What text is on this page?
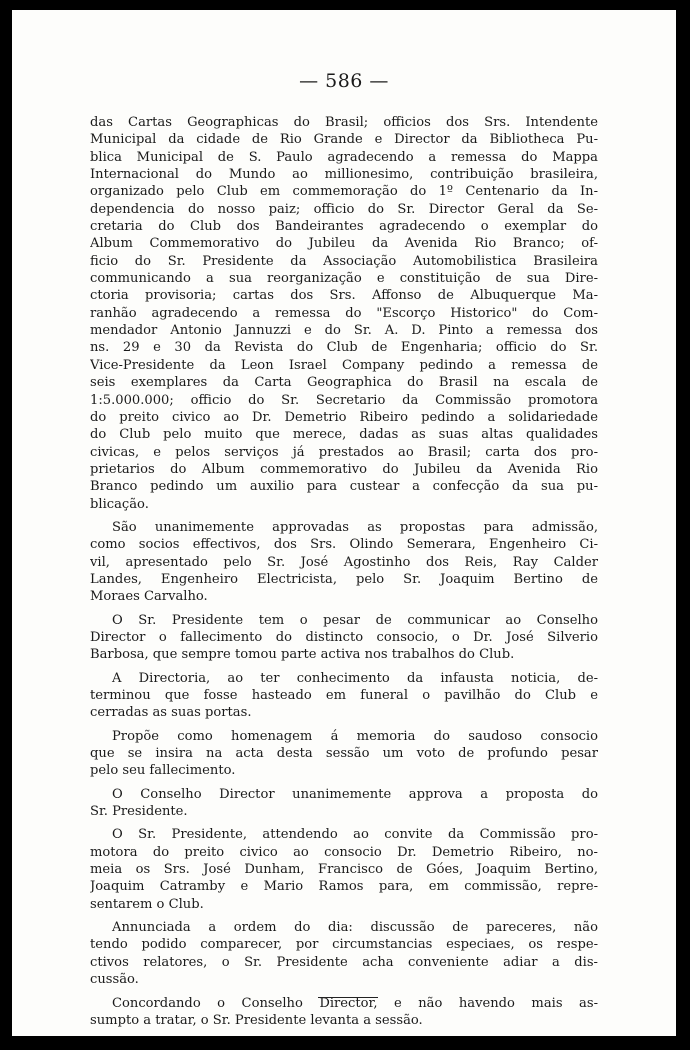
— 586 —
das Cartas Geographicas do Brasil; officios dos Srs. Intendente
Municipal da cidade de Rio Grande e Director da Bibliotheca Pu-
blica Municipal de S. Paulo agradecendo a remessa do Mappa
Internacional do Mundo ao millionesimo, contribuição brasileira,
organizado pelo Club em commemoração do 1º Centenario da In-
dependencia do nosso paiz; officio do Sr. Director Geral da Se-
cretaria do Club dos Bandeirantes agradecendo o exemplar do
Album Commemorativo do Jubileu da Avenida Rio Branco; of-
ficio do Sr. Presidente da Associação Automobilistica Brasileira
communicando a sua reorganização e constituição de sua Dire-
ctoria provisoria; cartas dos Srs. Affonso de Albuquerque Ma-
ranhão agradecendo a remessa do "Escorço Historico" do Com-
mendador Antonio Jannuzzi e do Sr. A. D. Pinto a remessa dos
ns. 29 e 30 da Revista do Club de Engenharia; officio do Sr.
Vice-Presidente da Leon Israel Company pedindo a remessa de
seis exemplares da Carta Geographica do Brasil na escala de
1:5.000.000; officio do Sr. Secretario da Commissão promotora
do preito civico ao Dr. Demetrio Ribeiro pedindo a solidariedade
do Club pelo muito que merece, dadas as suas altas qualidades
civicas, e pelos serviços já prestados ao Brasil; carta dos pro-
prietarios do Album commemorativo do Jubileu da Avenida Rio
Branco pedindo um auxilio para custear a confecção da sua pu-
blicação.
São unanimemente approvadas as propostas para admissão,
como socios effectivos, dos Srs. Olindo Semerara, Engenheiro Ci-
vil, apresentado pelo Sr. José Agostinho dos Reis, Ray Calder
Landes, Engenheiro Electricista, pelo Sr. Joaquim Bertino de
Moraes Carvalho.
O Sr. Presidente tem o pesar de communicar ao Conselho
Director o fallecimento do distincto consocio, o Dr. José Silverio
Barbosa, que sempre tomou parte activa nos trabalhos do Club.
A Directoria, ao ter conhecimento da infausta noticia, de-
terminou que fosse hasteado em funeral o pavilhão do Club e
cerradas as suas portas.
Propõe como homenagem á memoria do saudoso consocio
que se insira na acta desta sessão um voto de profundo pesar
pelo seu fallecimento.
O Conselho Director unanimemente approva a proposta do
Sr. Presidente.
O Sr. Presidente, attendendo ao convite da Commissão pro-
motora do preito civico ao consocio Dr. Demetrio Ribeiro, no-
meia os Srs. José Dunham, Francisco de Góes, Joaquim Bertino,
Joaquim Catramby e Mario Ramos para, em commissão, repre-
sentarem o Club.
Annunciada a ordem do dia: discussão de pareceres, não
tendo podido comparecer, por circumstancias especiaes, os respe-
ctivos relatores, o Sr. Presidente acha conveniente adiar a dis-
cussão.
Concordando o Conselho Director, e não havendo mais as-
sumpto a tratar, o Sr. Presidente levanta a sessão.
